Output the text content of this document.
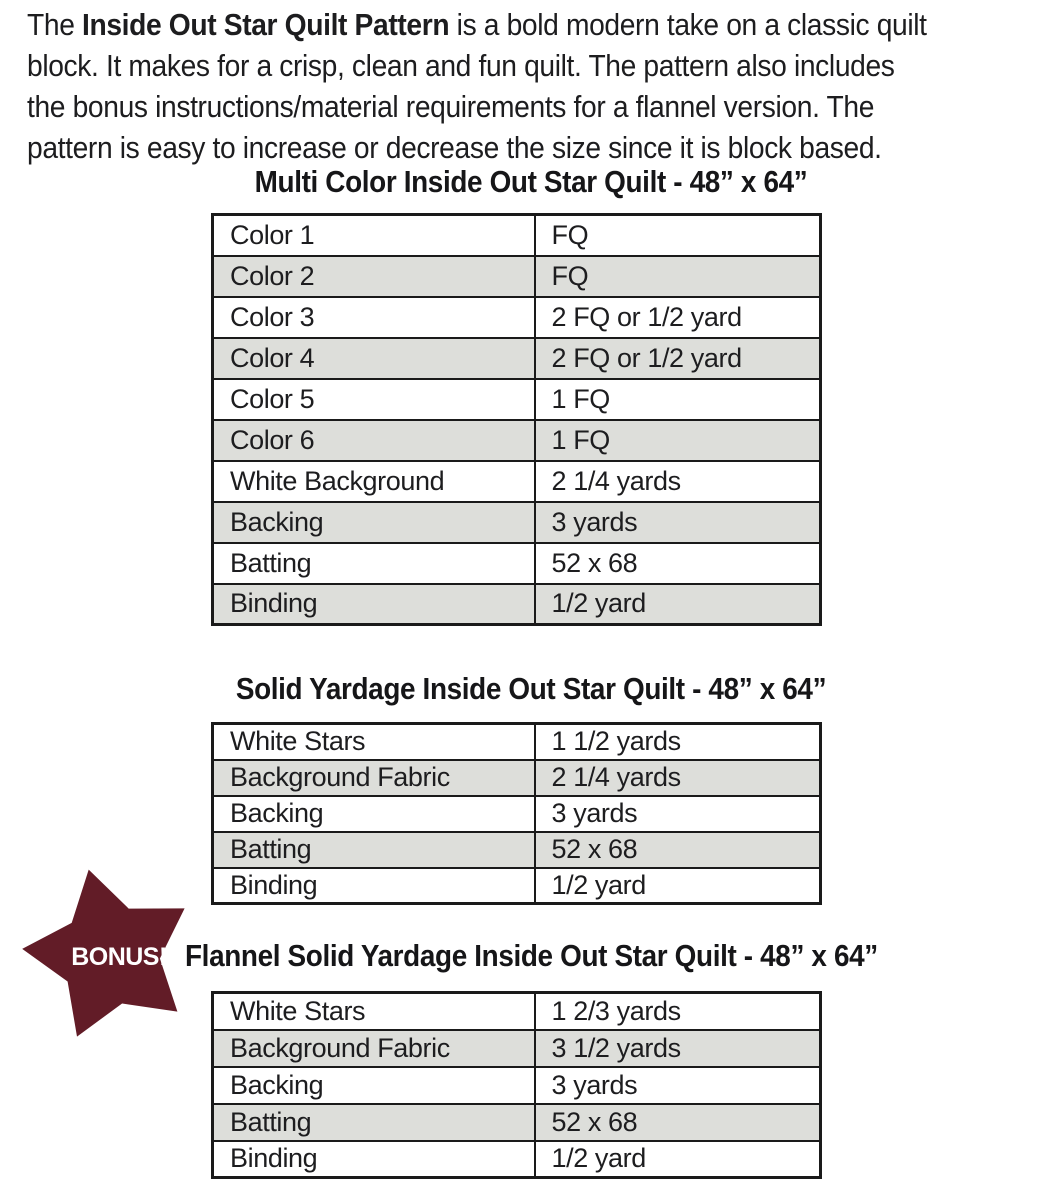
The Inside Out Star Quilt Pattern is a bold modern take on a classic quilt
block. It makes for a crisp, clean and fun quilt. The pattern also includes
the bonus instructions/material requirements for a flannel version. The
pattern is easy to increase or decrease the size since it is block based.
Multi Color Inside Out Star Quilt - 48” x 64”
Color 1	FQ
Color 2	FQ
Color 3	2 FQ or 1/2 yard
Color 4	2 FQ or 1/2 yard
Color 5	1 FQ
Color 6	1 FQ
White Background	2 1/4 yards
Backing	3 yards
Batting	52 x 68
Binding	1/2 yard
Solid Yardage Inside Out Star Quilt - 48” x 64”
White Stars	1 1/2 yards
Background Fabric	2 1/4 yards
Backing	3 yards
Batting	52 x 68
Binding	1/2 yard
BONUS! Flannel Solid Yardage Inside Out Star Quilt - 48” x 64”
White Stars	1 2/3 yards
Background Fabric	3 1/2 yards
Backing	3 yards
Batting	52 x 68
Binding	1/2 yard
